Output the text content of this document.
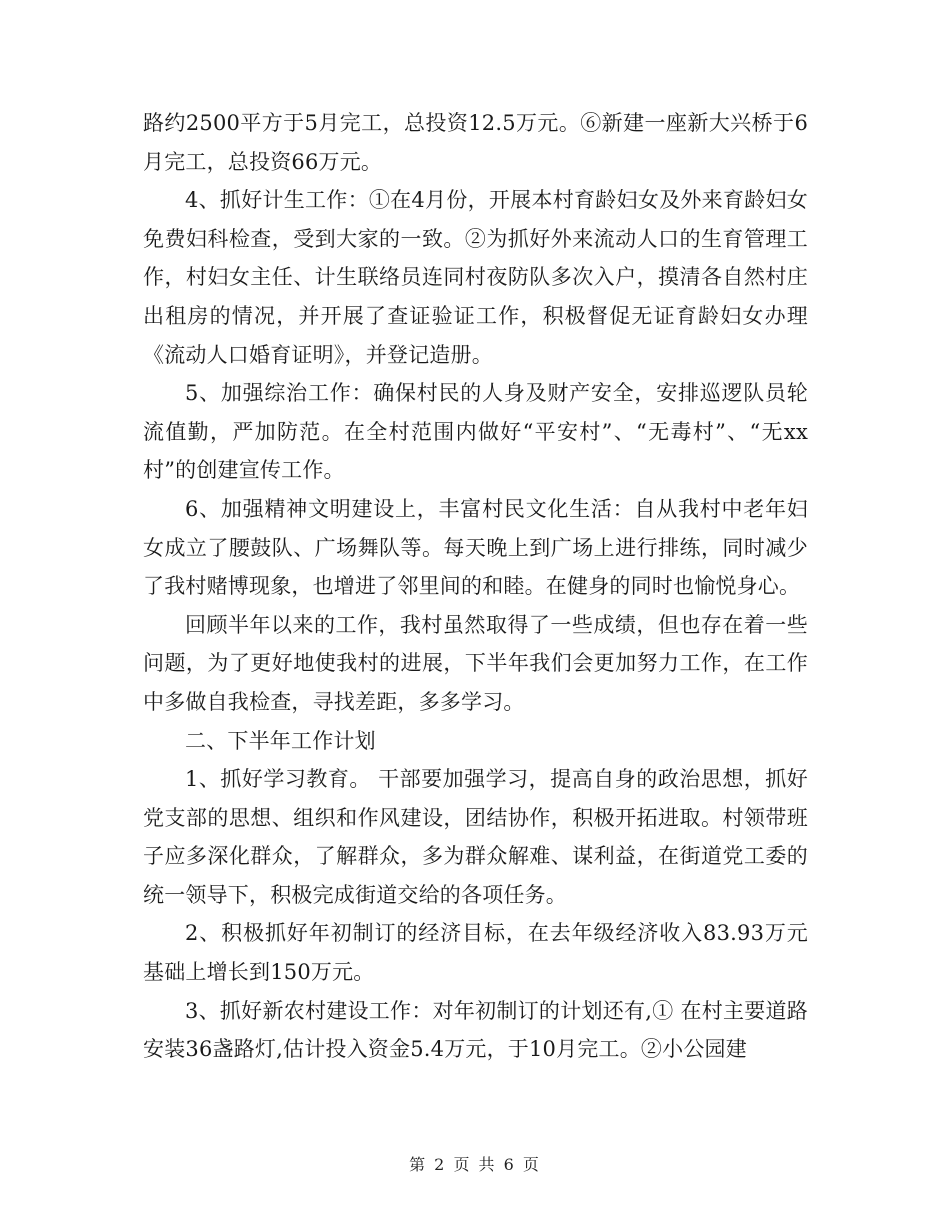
路约2500平方于5月完工，总投资12.5万元。⑥新建一座新大兴桥于6月完工，总投资66万元。

4、抓好计生工作：①在4月份，开展本村育龄妇女及外来育龄妇女免费妇科检查，受到大家的一致。②为抓好外来流动人口的生育管理工作，村妇女主任、计生联络员连同村夜防队多次入户，摸清各自然村庄出租房的情况，并开展了查证验证工作，积极督促无证育龄妇女办理《流动人口婚育证明》，并登记造册。

5、加强综治工作：确保村民的人身及财产安全，安排巡逻队员轮流值勤，严加防范。在全村范围内做好“平安村”、“无毒村”、“无xx村”的创建宣传工作。

6、加强精神文明建设上，丰富村民文化生活：自从我村中老年妇女成立了腰鼓队、广场舞队等。每天晚上到广场上进行排练，同时减少了我村赌博现象，也增进了邻里间的和睦。在健身的同时也愉悦身心。

回顾半年以来的工作，我村虽然取得了一些成绩，但也存在着一些问题，为了更好地使我村的进展，下半年我们会更加努力工作，在工作中多做自我检查，寻找差距，多多学习。

二、下半年工作计划

1、抓好学习教育。 干部要加强学习，提高自身的政治思想，抓好党支部的思想、组织和作风建设，团结协作，积极开拓进取。村领带班子应多深化群众，了解群众，多为群众解难、谋利益，在街道党工委的统一领导下，积极完成街道交给的各项任务。

2、积极抓好年初制订的经济目标，在去年级经济收入83.93万元基础上增长到150万元。

3、抓好新农村建设工作：对年初制订的计划还有,① 在村主要道路安装36盏路灯,估计投入资金5.4万元，于10月完工。②小公园建

第 2 页 共 6 页
